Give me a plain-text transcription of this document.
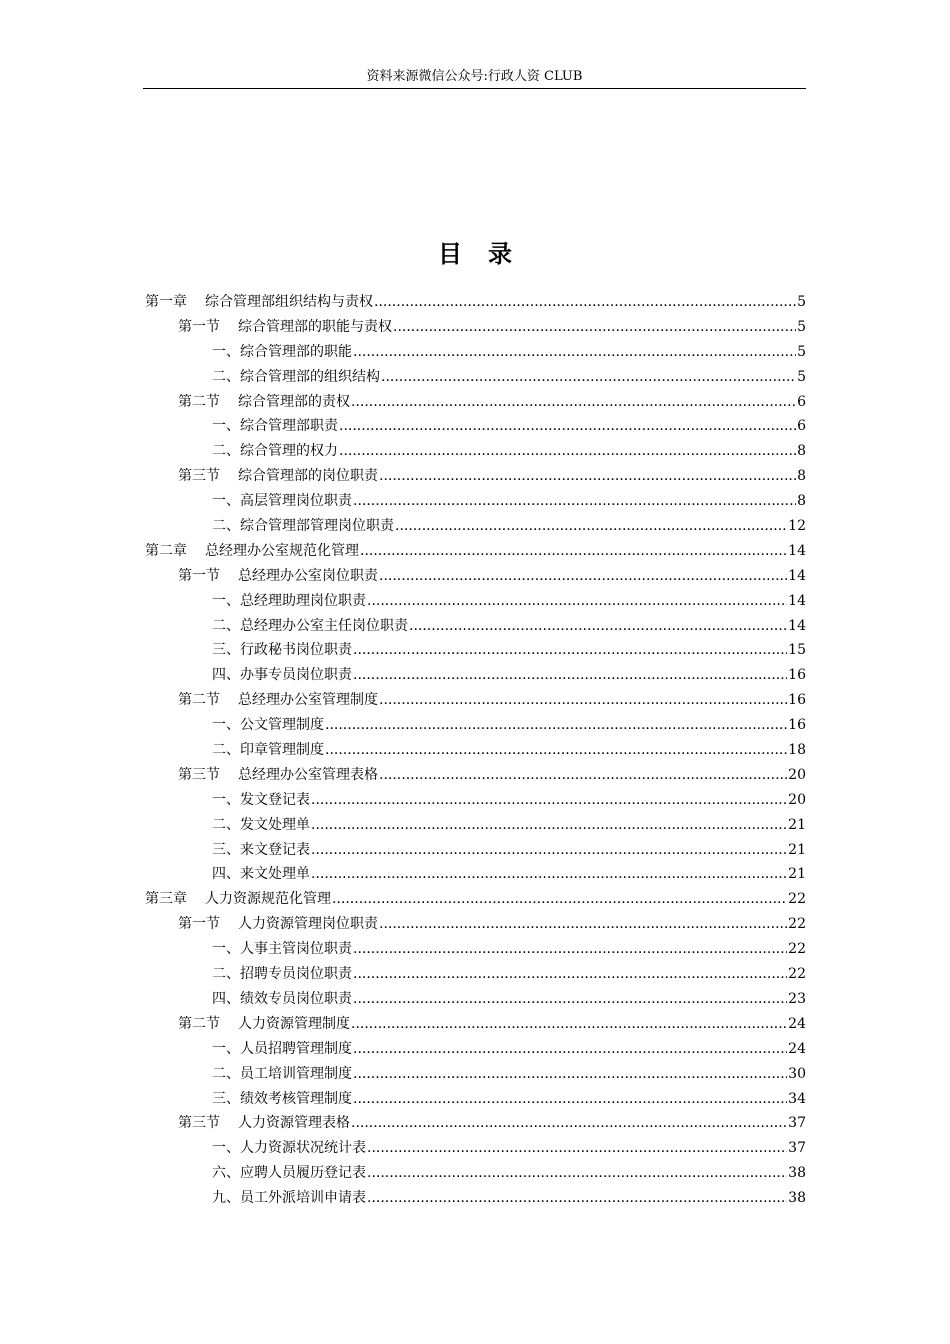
资料来源微信公众号:行政人资 CLUB
目 录
第一章 综合管理部组织结构与责权 .....	5
第一节 综合管理部的职能与责权 .....	5
一、综合管理部的职能 .....	5
二、综合管理部的组织结构 .....	5
第二节 综合管理部的责权 .....	6
一、综合管理部职责 .....	6
二、综合管理的权力 .....	8
第三节 综合管理部的岗位职责 .....	8
一、高层管理岗位职责 .....	8
二、综合管理部管理岗位职责 .....	12
第二章 总经理办公室规范化管理 .....	14
第一节 总经理办公室岗位职责 .....	14
一、总经理助理岗位职责 .....	14
二、总经理办公室主任岗位职责 .....	14
三、行政秘书岗位职责 .....	15
四、办事专员岗位职责 .....	16
第二节 总经理办公室管理制度 .....	16
一、公文管理制度 .....	16
二、印章管理制度 .....	18
第三节 总经理办公室管理表格 .....	20
一、发文登记表 .....	20
二、发文处理单 .....	21
三、来文登记表 .....	21
四、来文处理单 .....	21
第三章 人力资源规范化管理 .....	22
第一节 人力资源管理岗位职责 .....	22
一、人事主管岗位职责 .....	22
二、招聘专员岗位职责 .....	22
四、绩效专员岗位职责 .....	23
第二节 人力资源管理制度 .....	24
一、人员招聘管理制度 .....	24
二、员工培训管理制度 .....	30
三、绩效考核管理制度 .....	34
第三节 人力资源管理表格 .....	37
一、人力资源状况统计表 .....	37
六、应聘人员履历登记表 .....	38
九、员工外派培训申请表 .....	38
